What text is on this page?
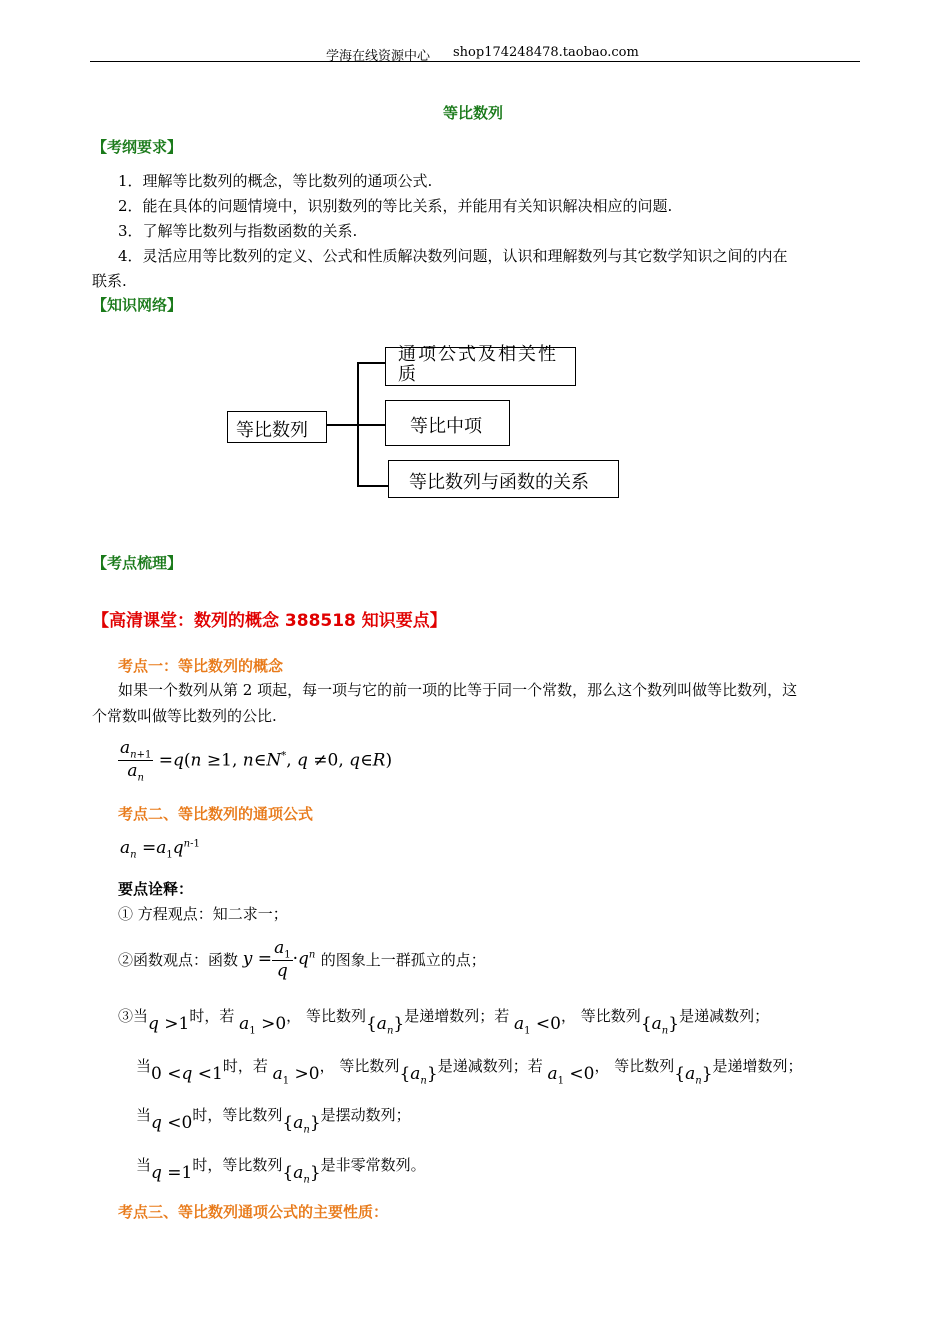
学海在线资源中心 shop174248478.taobao.com
等比数列
【考纲要求】
1．理解等比数列的概念，等比数列的通项公式.
2．能在具体的问题情境中，识别数列的等比关系，并能用有关知识解决相应的问题.
3．了解等比数列与指数函数的关系.
4．灵活应用等比数列的定义、公式和性质解决数列问题，认识和理解数列与其它数学知识之间的内在
联系.
【知识网络】
等比数列
通项公式及相关性
质
等比中项
等比数列与函数的关系
【考点梳理】
【高清课堂：数列的概念 388518 知识要点】
考点一：等比数列的概念
如果一个数列从第 2 项起，每一项与它的前一项的比等于同一个常数，那么这个数列叫做等比数列，这
个常数叫做等比数列的公比.
$\frac{a_{n+1}}{a_n} =q(n \ge 1$, n∈N*, q ≠0, q∈R)
考点二、等比数列的通项公式
$a_n =a_1q^{n-1}$
要点诠释：
① 方程观点：知二求一；
②函数观点：函数 $y = \frac{a_1}{q} \cdot q^n$ 的图象上一群孤立的点；
③当q >1时，若 $a_1 >0$， 等比数列$\{a_n\}$是递增数列；若 $a_1 <0$， 等比数列$\{a_n\}$是递减数列；
当0 <q <1时，若 $a_1 >0$， 等比数列$\{a_n\}$是递减数列；若 $a_1 <0$， 等比数列$\{a_n\}$是递增数列；
当q <0时，等比数列$\{a_n\}$是摆动数列；
当q =1时，等比数列$\{a_n\}$是非零常数列。
考点三、等比数列通项公式的主要性质：
